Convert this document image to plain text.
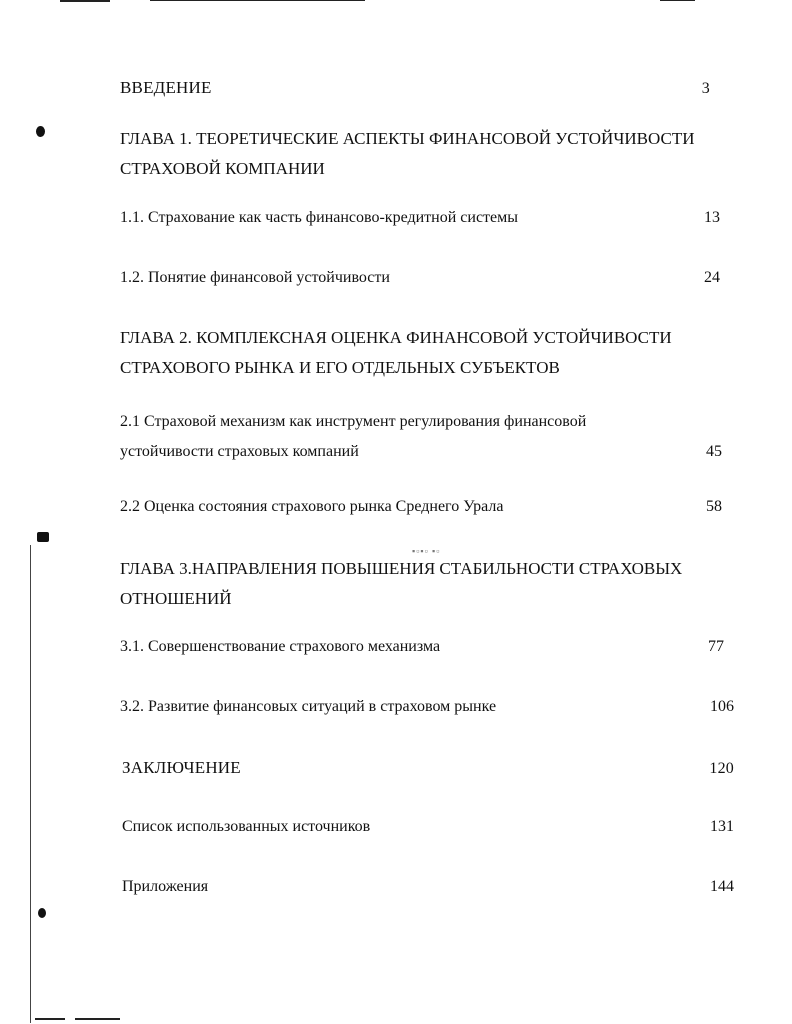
▪▫▪▫ ▪▫
ВВЕДЕНИЕ	3
ГЛАВА 1. ТЕОРЕТИЧЕСКИЕ АСПЕКТЫ ФИНАНСОВОЙ УСТОЙЧИВОСТИ
СТРАХОВОЙ КОМПАНИИ
1.1. Страхование как часть финансово-кредитной системы	13
1.2. Понятие финансовой устойчивости	24
ГЛАВА 2. КОМПЛЕКСНАЯ ОЦЕНКА ФИНАНСОВОЙ УСТОЙЧИВОСТИ
СТРАХОВОГО РЫНКА И ЕГО ОТДЕЛЬНЫХ СУБЪЕКТОВ
2.1 Страховой механизм как инструмент регулирования финансовой
устойчивости страховых компаний	45
2.2 Оценка состояния страхового рынка Среднего Урала	58
ГЛАВА 3.НАПРАВЛЕНИЯ ПОВЫШЕНИЯ СТАБИЛЬНОСТИ СТРАХОВЫХ
ОТНОШЕНИЙ
3.1. Совершенствование страхового механизма	77
3.2. Развитие финансовых ситуаций в страховом рынке	106
ЗАКЛЮЧЕНИЕ	120
Список использованных источников	131
Приложения	144
